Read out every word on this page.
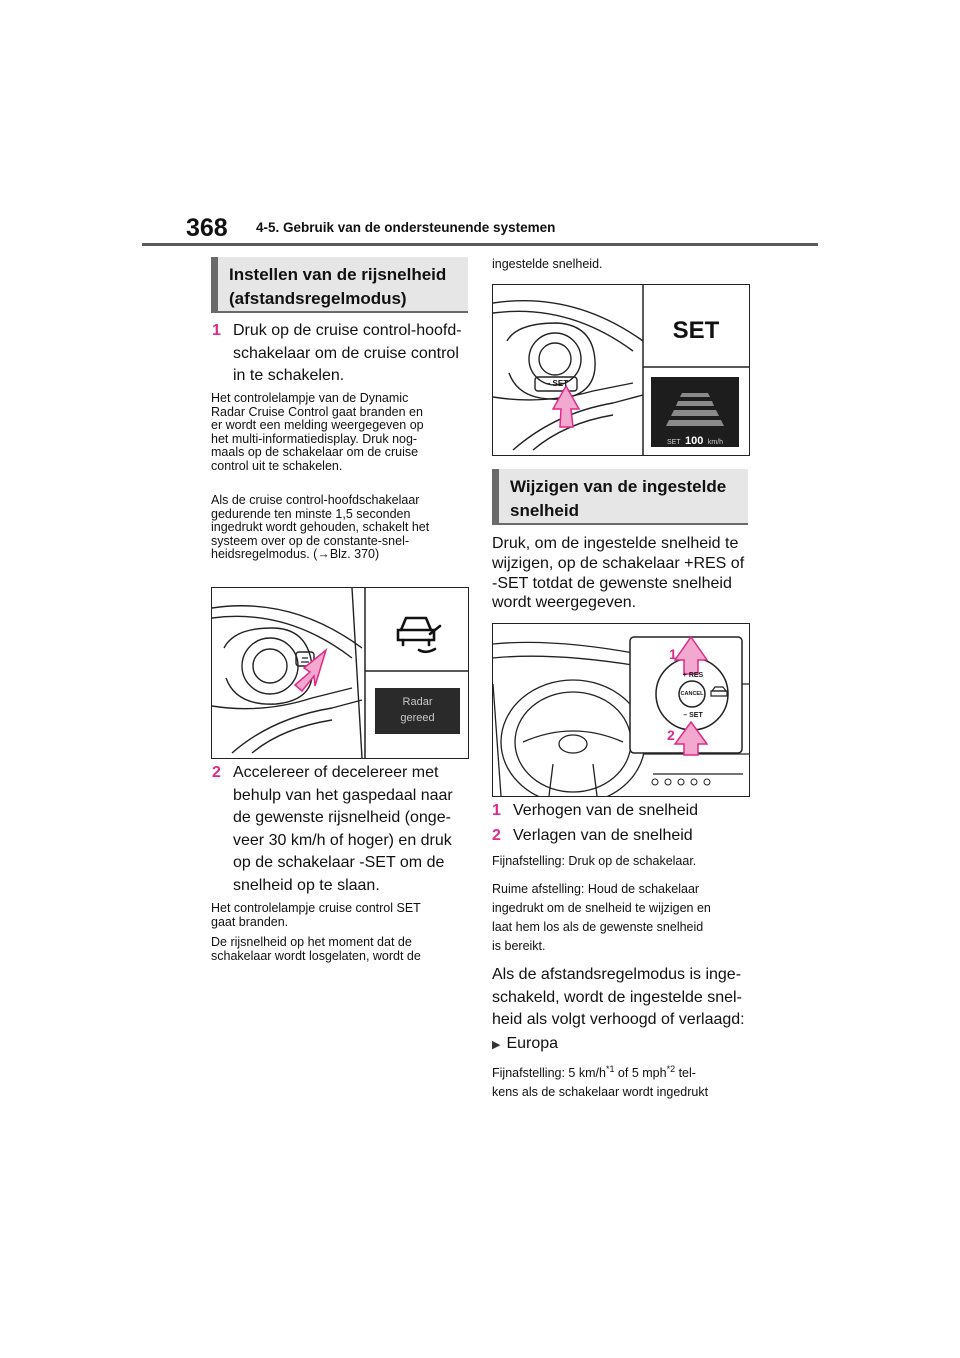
368 4-5. Gebruik van de ondersteunende systemen
Instellen van de rijsnelheid
(afstandsregelmodus)
1 Druk op de cruise control-hoofd-
schakelaar om de cruise control
in te schakelen.
Het controlelampje van de Dynamic
Radar Cruise Control gaat branden en
er wordt een melding weergegeven op
het multi-informatiedisplay. Druk nog-
maals op de schakelaar om de cruise
control uit te schakelen.
Als de cruise control-hoofdschakelaar
gedurende ten minste 1,5 seconden
ingedrukt wordt gehouden, schakelt het
systeem over op de constante-snel-
heidsregelmodus. (→Blz. 370)
Radar
gereed
2 Accelereer of decelereer met
behulp van het gaspedaal naar
de gewenste rijsnelheid (onge-
veer 30 km/h of hoger) en druk
op de schakelaar -SET om de
snelheid op te slaan.
Het controlelampje cruise control SET
gaat branden.
De rijsnelheid op het moment dat de
schakelaar wordt losgelaten, wordt de
ingestelde snelheid.
SET
– SET
SET 100 km/h
Wijzigen van de ingestelde
snelheid
Druk, om de ingestelde snelheid te
wijzigen, op de schakelaar +RES of
-SET totdat de gewenste snelheid
wordt weergegeven.
+ RES
CANCEL
– SET
1
2
1 Verhogen van de snelheid
2 Verlagen van de snelheid
Fijnafstelling: Druk op de schakelaar.
Ruime afstelling: Houd de schakelaar
ingedrukt om de snelheid te wijzigen en
laat hem los als de gewenste snelheid
is bereikt.
Als de afstandsregelmodus is inge-
schakeld, wordt de ingestelde snel-
heid als volgt verhoogd of verlaagd:
▶ Europa
Fijnafstelling: 5 $km/h^{*1}$ of 5 mph$^{*2}$ tel-
kens als de schakelaar wordt ingedrukt
